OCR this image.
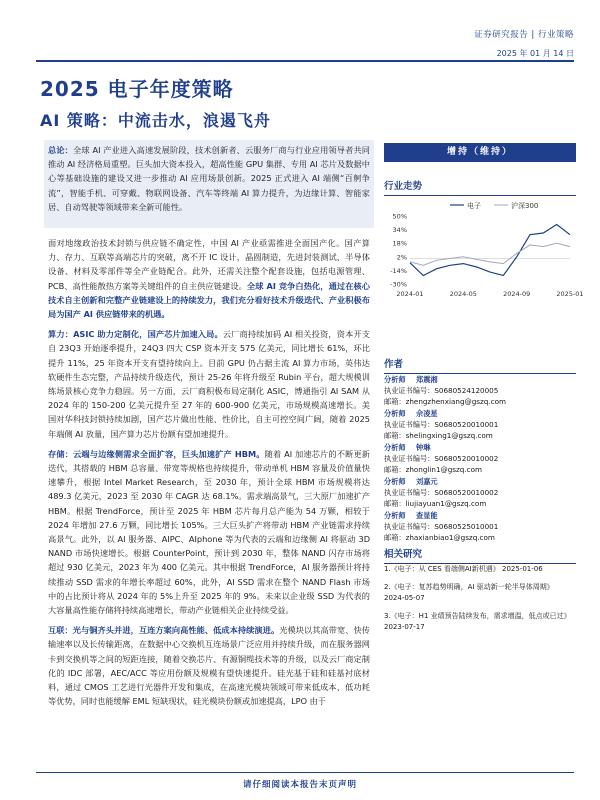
证券研究报告 | 行业策略
2025 年 01 月 14 日
2025 电子年度策略
AI 策略：中流击水，浪遏飞舟
总论：全球 AI 产业进入高速发展阶段，技术创新者、云服务厂商与行业应用领导者共同推动 AI 经济格局重塑。巨头加大资本投入，超高性能 GPU 集群、专用 AI 芯片及数据中心等基础设施的建设又进一步推动 AI 应用场景创新。2025 正式进入 AI 端侧“百舸争流”，智能手机、可穿戴、物联网设备、汽车等终端 AI 算力提升，为边缘计算、智能家居、自动驾驶等领域带来全新可能性。
面对地缘政治技术封锁与供应链不确定性，中国 AI 产业亟需推进全面国产化。国产算力、存力、互联等高端芯片的突破，离不开 IC 设计，晶圆制造，先进封装测试、半导体设备、材料及零部件等全产业链配合。此外，还需关注整个配套设施，包括电源管理、PCB、高性能散热方案等关键组件的自主供应链建设。全球 AI 竞争白热化，通过在核心技术自主创新和完整产业链建设上的持续发力，我们充分看好技术升级迭代、产业积极布局为国产 AI 供应链带来的机遇。
算力：ASIC 助力定制化，国产芯片加速入局。云厂商持续加码 AI 相关投资，资本开支自 23Q3 开始逐季提升，24Q3 四大 CSP 资本开支 575 亿美元，同比增长 61%，环比提升 11%，25 年资本开支有望持续向上。目前 GPU 仍占据主流 AI 算力市场，英伟达软硬件生态完整，产品持续升级迭代，预计 25-26 年将升级至 Rubin 平台，超大规模训练场景核心竞争力稳固。另一方面，云厂商积极布局定制化 ASIC，博通指引 AI SAM 从 2024 年的 150-200 亿美元提升至 27 年的 600-900 亿美元，市场规模高速增长。美国对华科技封锁持续加剧，国产芯片做出性能、性价比，自主可控空间广阔，随着 2025 年端侧 AI 放量，国产算力芯片份额有望加速提升。
存储：云端与边缘侧需求全面扩容，巨头加速扩产 HBM。随着 AI 加速芯片的不断更新迭代，其搭载的 HBM 总容量、带宽等规格也持续提升，带动单机 HBM 容量及价值量快速攀升，根据 Intel Market Research，至 2030 年，预计全球 HBM 市场规模将达 489.3 亿美元，2023 至 2030 年 CAGR 达 68.1%。需求端高景气，三大原厂加速扩产 HBM。根据 TrendForce，预计至 2025 年 HBM 芯片每月总产能为 54 万颗，相较于 2024 年增加 27.6 万颗，同比增长 105%。三大巨头扩产将带动 HBM 产业链需求持续高景气。此外，以 AI 服务器、AIPC、AIphone 等为代表的云端和边缘侧 AI 将驱动 3D NAND 市场快速增长。根据 CounterPoint，预计到 2030 年，整体 NAND 闪存市场将超过 930 亿美元，2023 年为 400 亿美元。其中根据 TrendForce，AI 服务器预计将持续推动 SSD 需求的年增长率超过 60%，此外，AI SSD 需求在整个 NAND Flash 市场中的占比预计将从 2024 年的 5%上升至 2025 年的 9%。未来以企业级 SSD 为代表的大容量高性能存储将持续高速增长，带动产业链相关企业持续受益。
互联：光与铜齐头并进，互连方案向高性能、低成本持续演进。光模块以其高带宽、快传输速率以及长传输距离，在数据中心交换机互连场景广泛应用并持续升级，而在服务器网卡到交换机等之间的短距连接，随着交换芯片、有源铜缆技术等的升级，以及云厂商定制化的 IDC 部署，AEC/ACC 等应用份额及规模有望快速提升。硅光基于硅和硅基衬底材料，通过 CMOS 工艺进行光器件开发和集成，在高速光模块领域可带来低成本、低功耗等优势，同时也能缓解 EML 短缺现状，硅光模块份额或加速提高，LPO 由于
增持（维持）
行业走势
50%
34%
18%
2%
-14%
-30%
2024-01	2024-05	2024-09	2025-01
电子	沪深300
作者
分析师 郑震湘
执业证书编号：S0680524120005
邮箱：zhengzhenxiang@gszq.com
分析师 佘凌星
执业证书编号：S0680520010001
邮箱：shelingxing1@gszq.com
分析师 钟琳
执业证书编号：S0680520010002
邮箱：zhonglin1@gszq.com
分析师 刘嘉元
执业证书编号：S0680520010002
邮箱：liujiayuan1@gszq.com
分析师 查显能
执业证书编号：S0680525010001
邮箱：zhaxianbiao1@gszq.com
相关研究
1.《电子：从 CES 看端侧AI新机遇》 2025-01-06
2.《电子：复苏趋势明确，AI 驱动新一轮半导体周期》 2024-05-07
3.《电子：H1 业绩预告陆续发布，需求增温，低点或已过》 2023-07-17
请仔细阅读本报告末页声明
